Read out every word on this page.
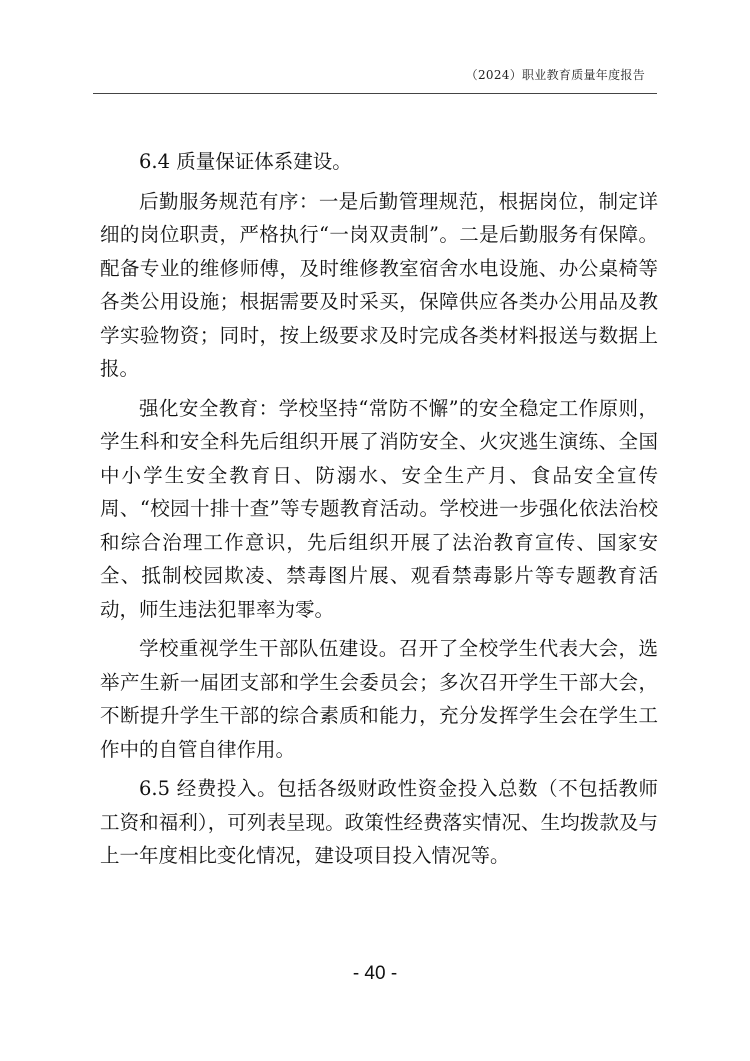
（2024）职业教育质量年度报告

6.4 质量保证体系建设。

后勤服务规范有序：一是后勤管理规范，根据岗位，制定详细的岗位职责，严格执行“一岗双责制”。二是后勤服务有保障。配备专业的维修师傅，及时维修教室宿舍水电设施、办公桌椅等各类公用设施；根据需要及时采买，保障供应各类办公用品及教学实验物资；同时，按上级要求及时完成各类材料报送与数据上报。

强化安全教育：学校坚持“常防不懈”的安全稳定工作原则，学生科和安全科先后组织开展了消防安全、火灾逃生演练、全国中小学生安全教育日、防溺水、安全生产月、食品安全宣传周、“校园十排十查”等专题教育活动。学校进一步强化依法治校和综合治理工作意识，先后组织开展了法治教育宣传、国家安全、抵制校园欺凌、禁毒图片展、观看禁毒影片等专题教育活动，师生违法犯罪率为零。

学校重视学生干部队伍建设。召开了全校学生代表大会，选举产生新一届团支部和学生会委员会；多次召开学生干部大会，不断提升学生干部的综合素质和能力，充分发挥学生会在学生工作中的自管自律作用。

6.5 经费投入。包括各级财政性资金投入总数（不包括教师工资和福利），可列表呈现。政策性经费落实情况、生均拨款及与上一年度相比变化情况，建设项目投入情况等。

- 40 -
